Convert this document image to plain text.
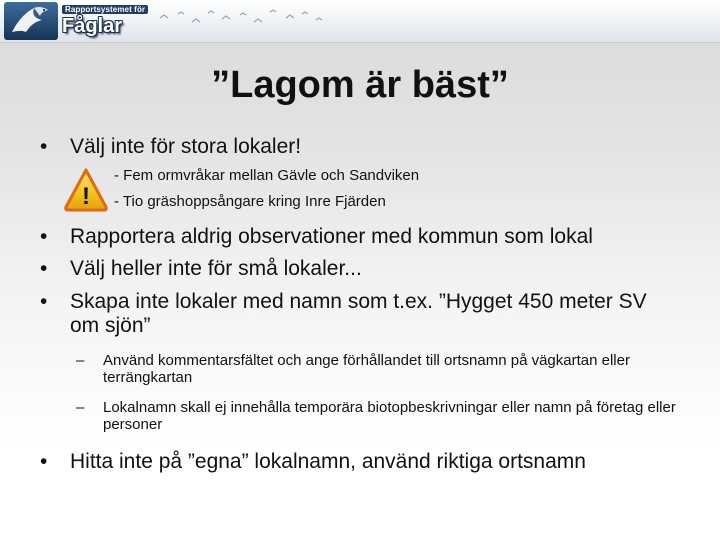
Rapportsystemet för
Fåglar
”Lagom är bäst”
•	Välj inte för stora lokaler!
!
- Fem ormvråkar mellan Gävle och Sandviken
- Tio gräshoppsångare kring Inre Fjärden
•	Rapportera aldrig observationer med kommun som lokal
•	Välj heller inte för små lokaler...
•	Skapa inte lokaler med namn som t.ex. ”Hygget 450 meter SV om sjön”
– Använd kommentarsfältet och ange förhållandet till ortsnamn på vägkartan eller terrängkartan
– Lokalnamn skall ej innehålla temporära biotopbeskrivningar eller namn på företag eller personer
•	Hitta inte på ”egna” lokalnamn, använd riktiga ortsnamn
